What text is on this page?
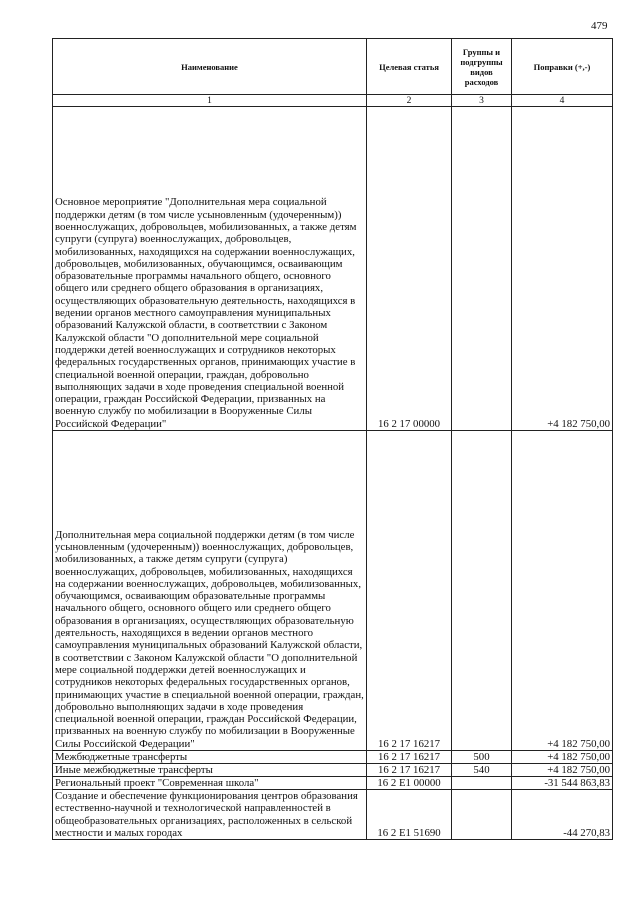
479
Наименование	Целевая статья	Группы и подгруппы видов расходов	Поправки (+,-)
1	2	3	4
Основное мероприятие "Дополнительная мера социальной поддержки детям (в том числе усыновленным (удочеренным)) военнослужащих, добровольцев, мобилизованных, а также детям супруги (супруга) военнослужащих, добровольцев, мобилизованных, находящихся на содержании военнослужащих, добровольцев, мобилизованных, обучающимся, осваивающим образовательные программы начального общего, основного общего или среднего общего образования в организациях, осуществляющих образовательную деятельность, находящихся в ведении органов местного самоуправления муниципальных образований Калужской области, в соответствии с Законом Калужской области "О дополнительной мере социальной поддержки детей военнослужащих и сотрудников некоторых федеральных государственных органов, принимающих участие в специальной военной операции, граждан, добровольно выполняющих задачи в ходе проведения специальной военной операции, граждан Российской Федерации, призванных на военную службу по мобилизации в Вооруженные Силы Российской Федерации"	16 2 17 00000		+4 182 750,00
Дополнительная мера социальной поддержки детям (в том числе усыновленным (удочеренным)) военнослужащих, добровольцев, мобилизованных, а также детям супруги (супруга) военнослужащих, добровольцев, мобилизованных, находящихся на содержании военнослужащих, добровольцев, мобилизованных, обучающимся, осваивающим образовательные программы начального общего, основного общего или среднего общего образования в организациях, осуществляющих образовательную деятельность, находящихся в ведении органов местного самоуправления муниципальных образований Калужской области, в соответствии с Законом Калужской области "О дополнительной мере социальной поддержки детей военнослужащих и сотрудников некоторых федеральных государственных органов, принимающих участие в специальной военной операции, граждан, добровольно выполняющих задачи в ходе проведения специальной военной операции, граждан Российской Федерации, призванных на военную службу по мобилизации в Вооруженные Силы Российской Федерации"	16 2 17 16217		+4 182 750,00
Межбюджетные трансферты	16 2 17 16217	500	+4 182 750,00
Иные межбюджетные трансферты	16 2 17 16217	540	+4 182 750,00
Региональный проект "Современная школа"	16 2 Е1 00000		-31 544 863,83
Создание и обеспечение функционирования центров образования естественно-научной и технологической направленностей в общеобразовательных организациях, расположенных в сельской местности и малых городах	16 2 Е1 51690		-44 270,83
